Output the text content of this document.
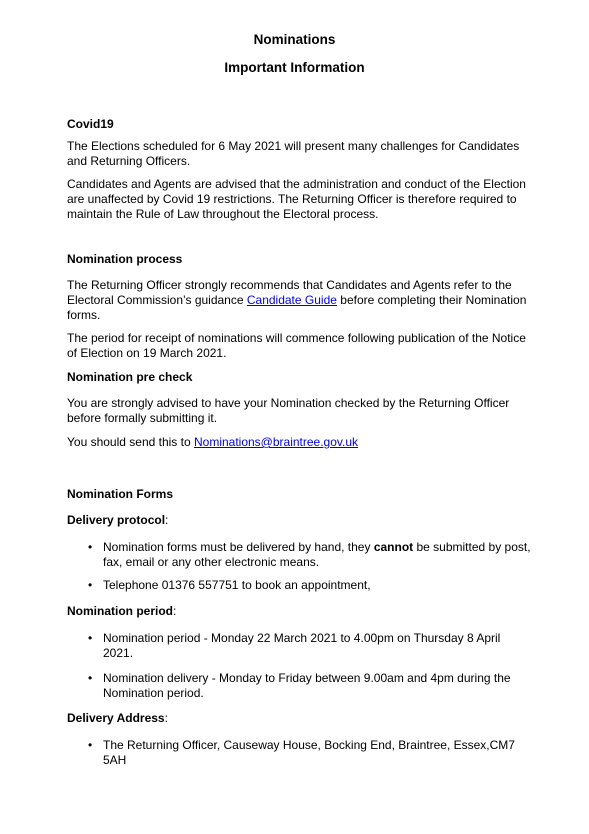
Nominations
Important Information
Covid19
The Elections scheduled for 6 May 2021 will present many challenges for Candidates and Returning Officers.
Candidates and Agents are advised that the administration and conduct of the Election are unaffected by Covid 19 restrictions. The Returning Officer is therefore required to maintain the Rule of Law throughout the Electoral process.
Nomination process
The Returning Officer strongly recommends that Candidates and Agents refer to the Electoral Commission’s guidance Candidate Guide before completing their Nomination forms.
The period for receipt of nominations will commence following publication of the Notice of Election on 19 March 2021.
Nomination pre check
You are strongly advised to have your Nomination checked by the Returning Officer before formally submitting it.
You should send this to Nominations@braintree.gov.uk
Nomination Forms
Delivery protocol:
• Nomination forms must be delivered by hand, they cannot be submitted by post, fax, email or any other electronic means.
• Telephone 01376 557751 to book an appointment,
Nomination period:
• Nomination period - Monday 22 March 2021 to 4.00pm on Thursday 8 April 2021.
• Nomination delivery - Monday to Friday between 9.00am and 4pm during the Nomination period.
Delivery Address:
• The Returning Officer, Causeway House, Bocking End, Braintree, Essex,CM7 5AH
